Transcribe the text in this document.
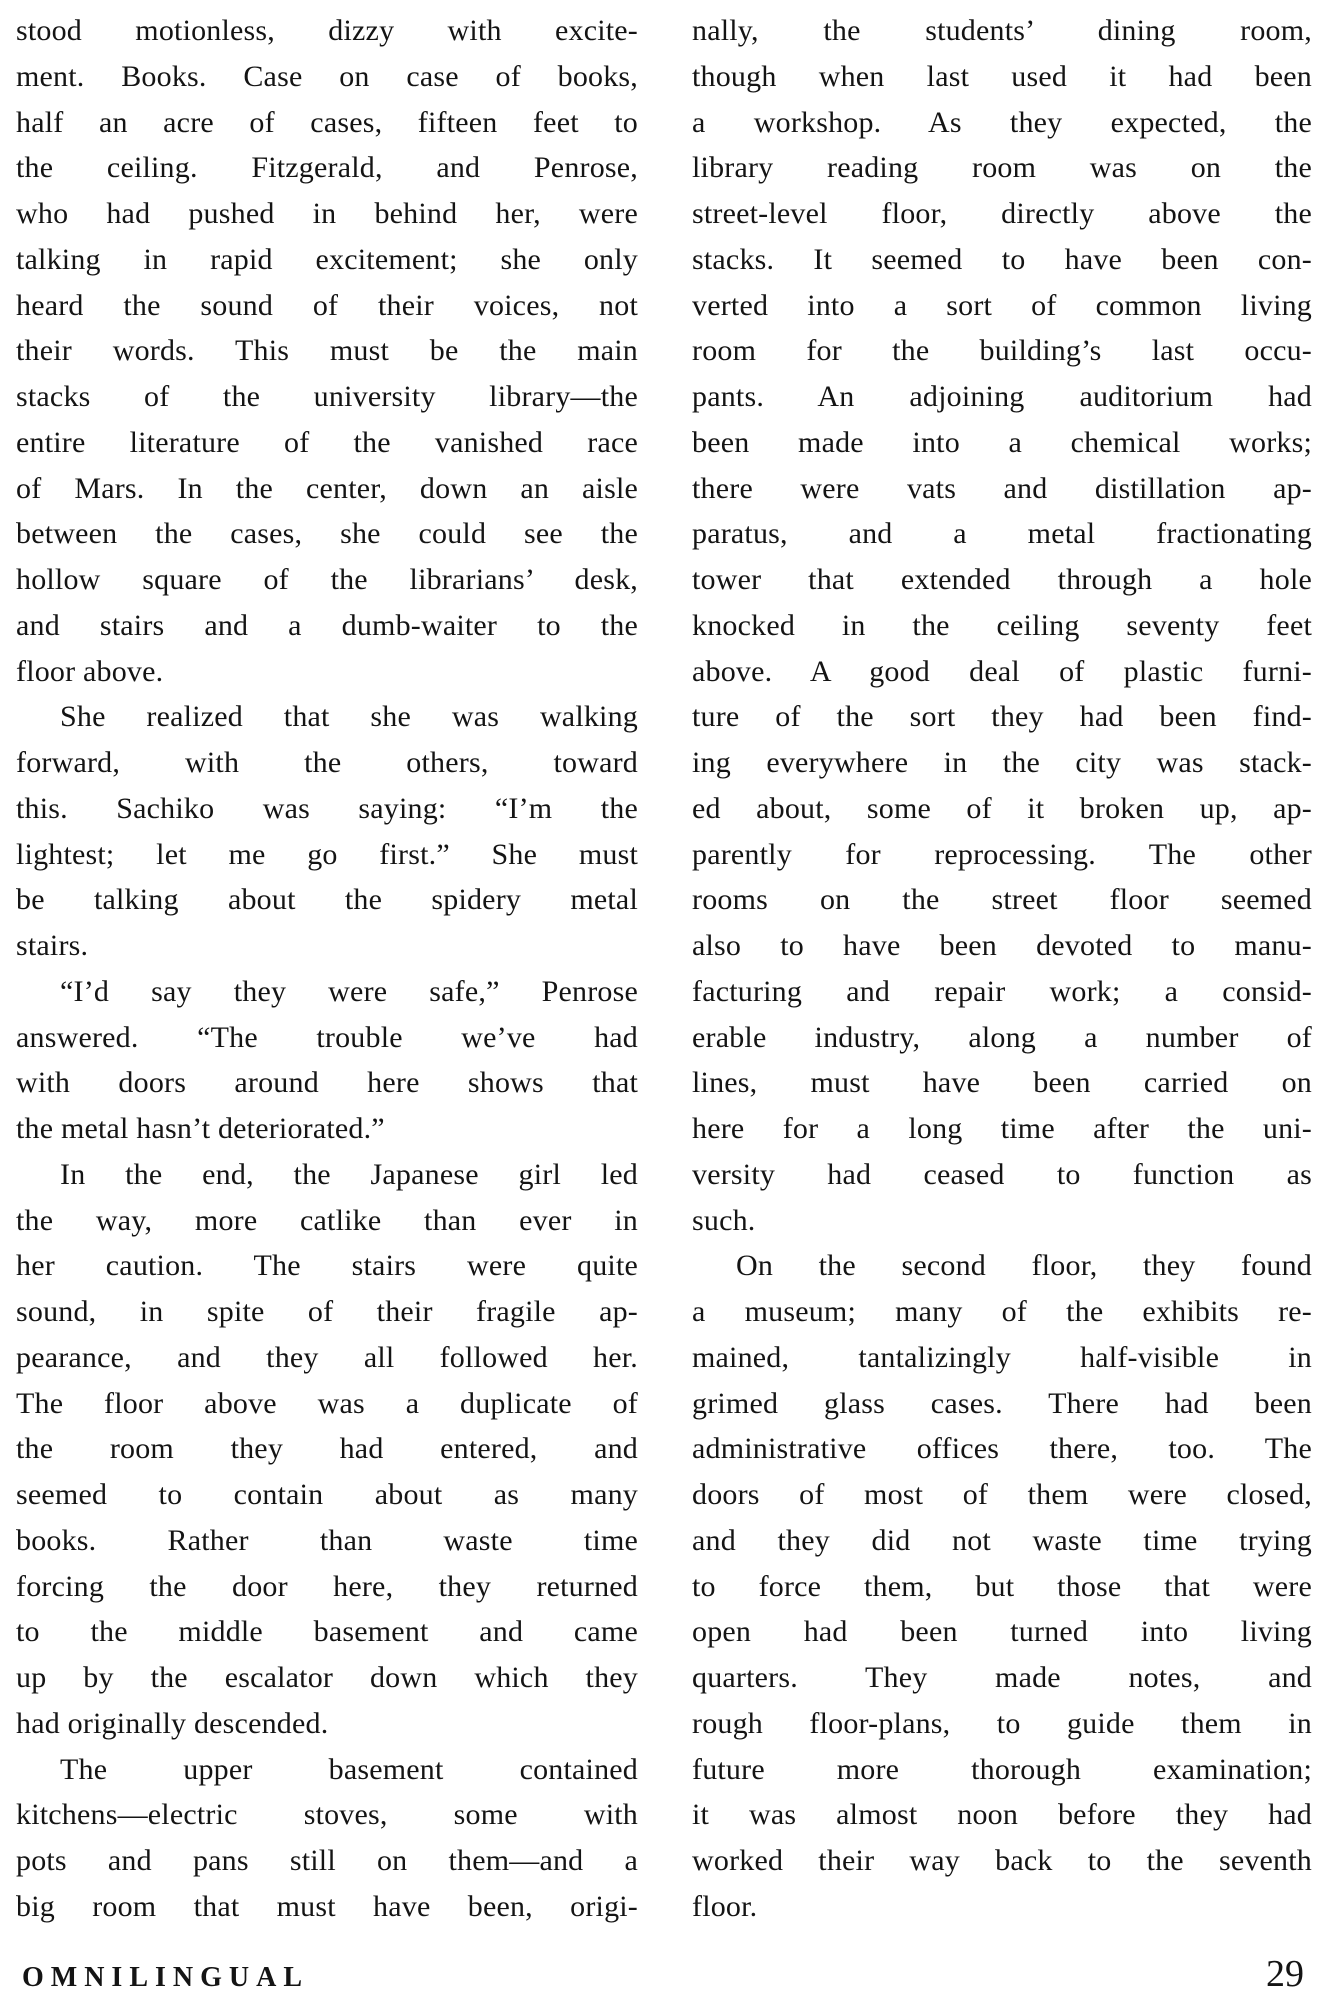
stood motionless, dizzy with excite-
ment. Books. Case on case of books,
half an acre of cases, fifteen feet to
the ceiling. Fitzgerald, and Penrose,
who had pushed in behind her, were
talking in rapid excitement; she only
heard the sound of their voices, not
their words. This must be the main
stacks of the university library—the
entire literature of the vanished race
of Mars. In the center, down an aisle
between the cases, she could see the
hollow square of the librarians’ desk,
and stairs and a dumb-waiter to the
floor above.
She realized that she was walking
forward, with the others, toward
this. Sachiko was saying: “I’m the
lightest; let me go first.” She must
be talking about the spidery metal
stairs.
“I’d say they were safe,” Penrose
answered. “The trouble we’ve had
with doors around here shows that
the metal hasn’t deteriorated.”
In the end, the Japanese girl led
the way, more catlike than ever in
her caution. The stairs were quite
sound, in spite of their fragile ap-
pearance, and they all followed her.
The floor above was a duplicate of
the room they had entered, and
seemed to contain about as many
books. Rather than waste time
forcing the door here, they returned
to the middle basement and came
up by the escalator down which they
had originally descended.
The upper basement contained
kitchens—electric stoves, some with
pots and pans still on them—and a
big room that must have been, origi-
nally, the students’ dining room,
though when last used it had been
a workshop. As they expected, the
library reading room was on the
street-level floor, directly above the
stacks. It seemed to have been con-
verted into a sort of common living
room for the building’s last occu-
pants. An adjoining auditorium had
been made into a chemical works;
there were vats and distillation ap-
paratus, and a metal fractionating
tower that extended through a hole
knocked in the ceiling seventy feet
above. A good deal of plastic furni-
ture of the sort they had been find-
ing everywhere in the city was stack-
ed about, some of it broken up, ap-
parently for reprocessing. The other
rooms on the street floor seemed
also to have been devoted to manu-
facturing and repair work; a consid-
erable industry, along a number of
lines, must have been carried on
here for a long time after the uni-
versity had ceased to function as
such.
On the second floor, they found
a museum; many of the exhibits re-
mained, tantalizingly half-visible in
grimed glass cases. There had been
administrative offices there, too. The
doors of most of them were closed,
and they did not waste time trying
to force them, but those that were
open had been turned into living
quarters. They made notes, and
rough floor-plans, to guide them in
future more thorough examination;
it was almost noon before they had
worked their way back to the seventh
floor.
OMNILINGUAL	29
